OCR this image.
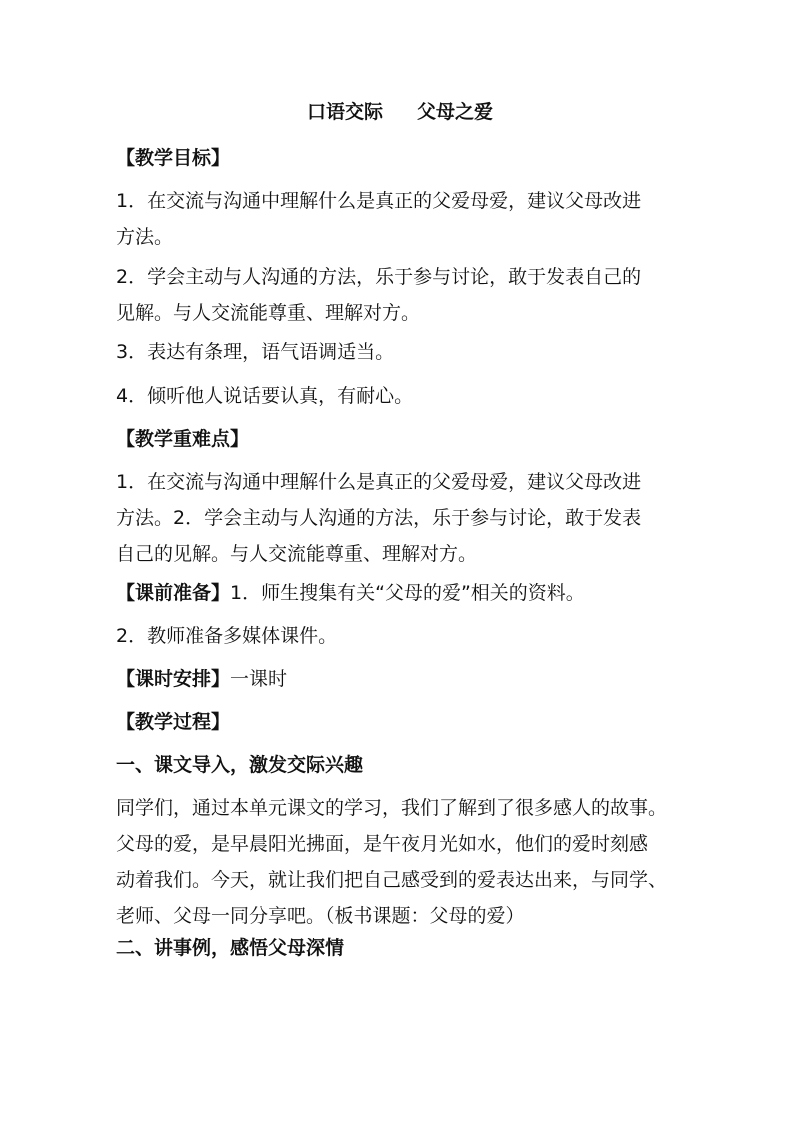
口语交际 父母之爱
【教学目标】
1．在交流与沟通中理解什么是真正的父爱母爱，建议父母改进
方法。
2．学会主动与人沟通的方法，乐于参与讨论，敢于发表自己的
见解。与人交流能尊重、理解对方。
3．表达有条理，语气语调适当。
4．倾听他人说话要认真，有耐心。
【教学重难点】
1．在交流与沟通中理解什么是真正的父爱母爱，建议父母改进
方法。2．学会主动与人沟通的方法，乐于参与讨论，敢于发表
自己的见解。与人交流能尊重、理解对方。
【课前准备】1．师生搜集有关“父母的爱”相关的资料。
2．教师准备多媒体课件。
【课时安排】一课时
【教学过程】
一、课文导入，激发交际兴趣
同学们，通过本单元课文的学习，我们了解到了很多感人的故事。
父母的爱，是早晨阳光拂面，是午夜月光如水，他们的爱时刻感
动着我们。今天，就让我们把自己感受到的爱表达出来，与同学、
老师、父母一同分享吧。（板书课题：父母的爱）
二、讲事例，感悟父母深情
